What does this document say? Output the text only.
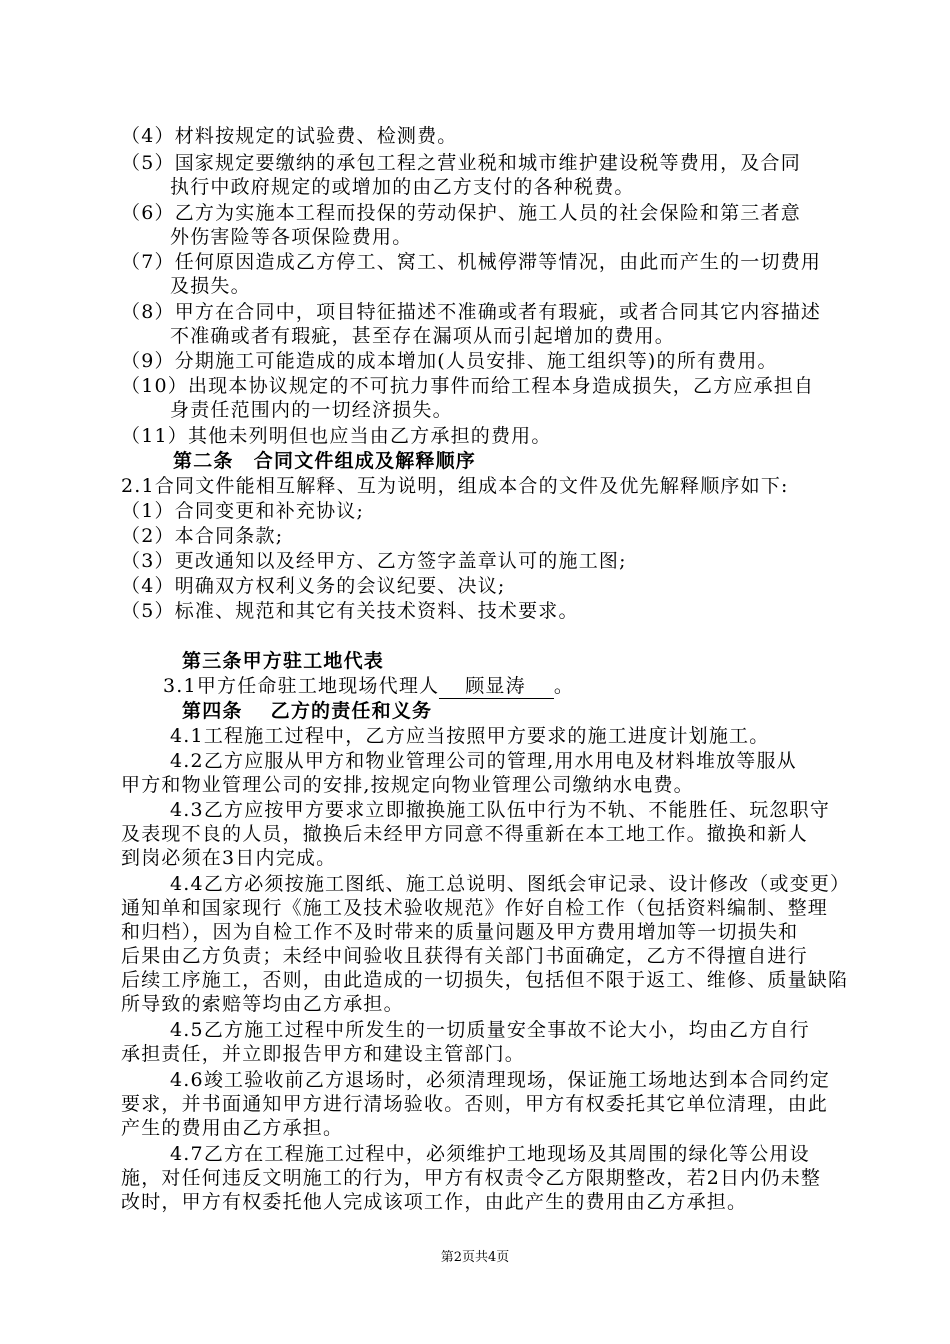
（4）材料按规定的试验费、检测费。
（5）国家规定要缴纳的承包工程之营业税和城市维护建设税等费用，及合同
执行中政府规定的或增加的由乙方支付的各种税费。
（6）乙方为实施本工程而投保的劳动保护、施工人员的社会保险和第三者意
外伤害险等各项保险费用。
（7）任何原因造成乙方停工、窝工、机械停滞等情况，由此而产生的一切费用
及损失。
（8）甲方在合同中，项目特征描述不准确或者有瑕疵，或者合同其它内容描述
不准确或者有瑕疵，甚至存在漏项从而引起增加的费用。
（9）分期施工可能造成的成本增加(人员安排、施工组织等)的所有费用。
（10）出现本协议规定的不可抗力事件而给工程本身造成损失，乙方应承担自
身责任范围内的一切经济损失。
（11）其他未列明但也应当由乙方承担的费用。
第二条　合同文件组成及解释顺序
2.1合同文件能相互解释、互为说明，组成本合的文件及优先解释顺序如下:
（1）合同变更和补充协议;
（2）本合同条款;
（3）更改通知以及经甲方、乙方签字盖章认可的施工图;
（4）明确双方权利义务的会议纪要、决议;
（5）标准、规范和其它有关技术资料、技术要求。
第三条甲方驻工地代表
3.1甲方任命驻工地现场代理人 顾显涛 。
第四条　 乙方的责任和义务
4.1工程施工过程中，乙方应当按照甲方要求的施工进度计划施工。
4.2乙方应服从甲方和物业管理公司的管理,用水用电及材料堆放等服从
甲方和物业管理公司的安排,按规定向物业管理公司缴纳水电费。
4.3乙方应按甲方要求立即撤换施工队伍中行为不轨、不能胜任、玩忽职守
及表现不良的人员，撤换后未经甲方同意不得重新在本工地工作。撤换和新人
到岗必须在3日内完成。
4.4乙方必须按施工图纸、施工总说明、图纸会审记录、设计修改（或变更）
通知单和国家现行《施工及技术验收规范》作好自检工作（包括资料编制、整理
和归档），因为自检工作不及时带来的质量问题及甲方费用增加等一切损失和
后果由乙方负责；未经中间验收且获得有关部门书面确定，乙方不得擅自进行
后续工序施工，否则，由此造成的一切损失，包括但不限于返工、维修、质量缺陷
所导致的索赔等均由乙方承担。
4.5乙方施工过程中所发生的一切质量安全事故不论大小，均由乙方自行
承担责任，并立即报告甲方和建设主管部门。
4.6竣工验收前乙方退场时，必须清理现场，保证施工场地达到本合同约定
要求，并书面通知甲方进行清场验收。否则，甲方有权委托其它单位清理，由此
产生的费用由乙方承担。
4.7乙方在工程施工过程中，必须维护工地现场及其周围的绿化等公用设
施，对任何违反文明施工的行为，甲方有权责令乙方限期整改，若2日内仍未整
改时，甲方有权委托他人完成该项工作，由此产生的费用由乙方承担。
第2页共4页
